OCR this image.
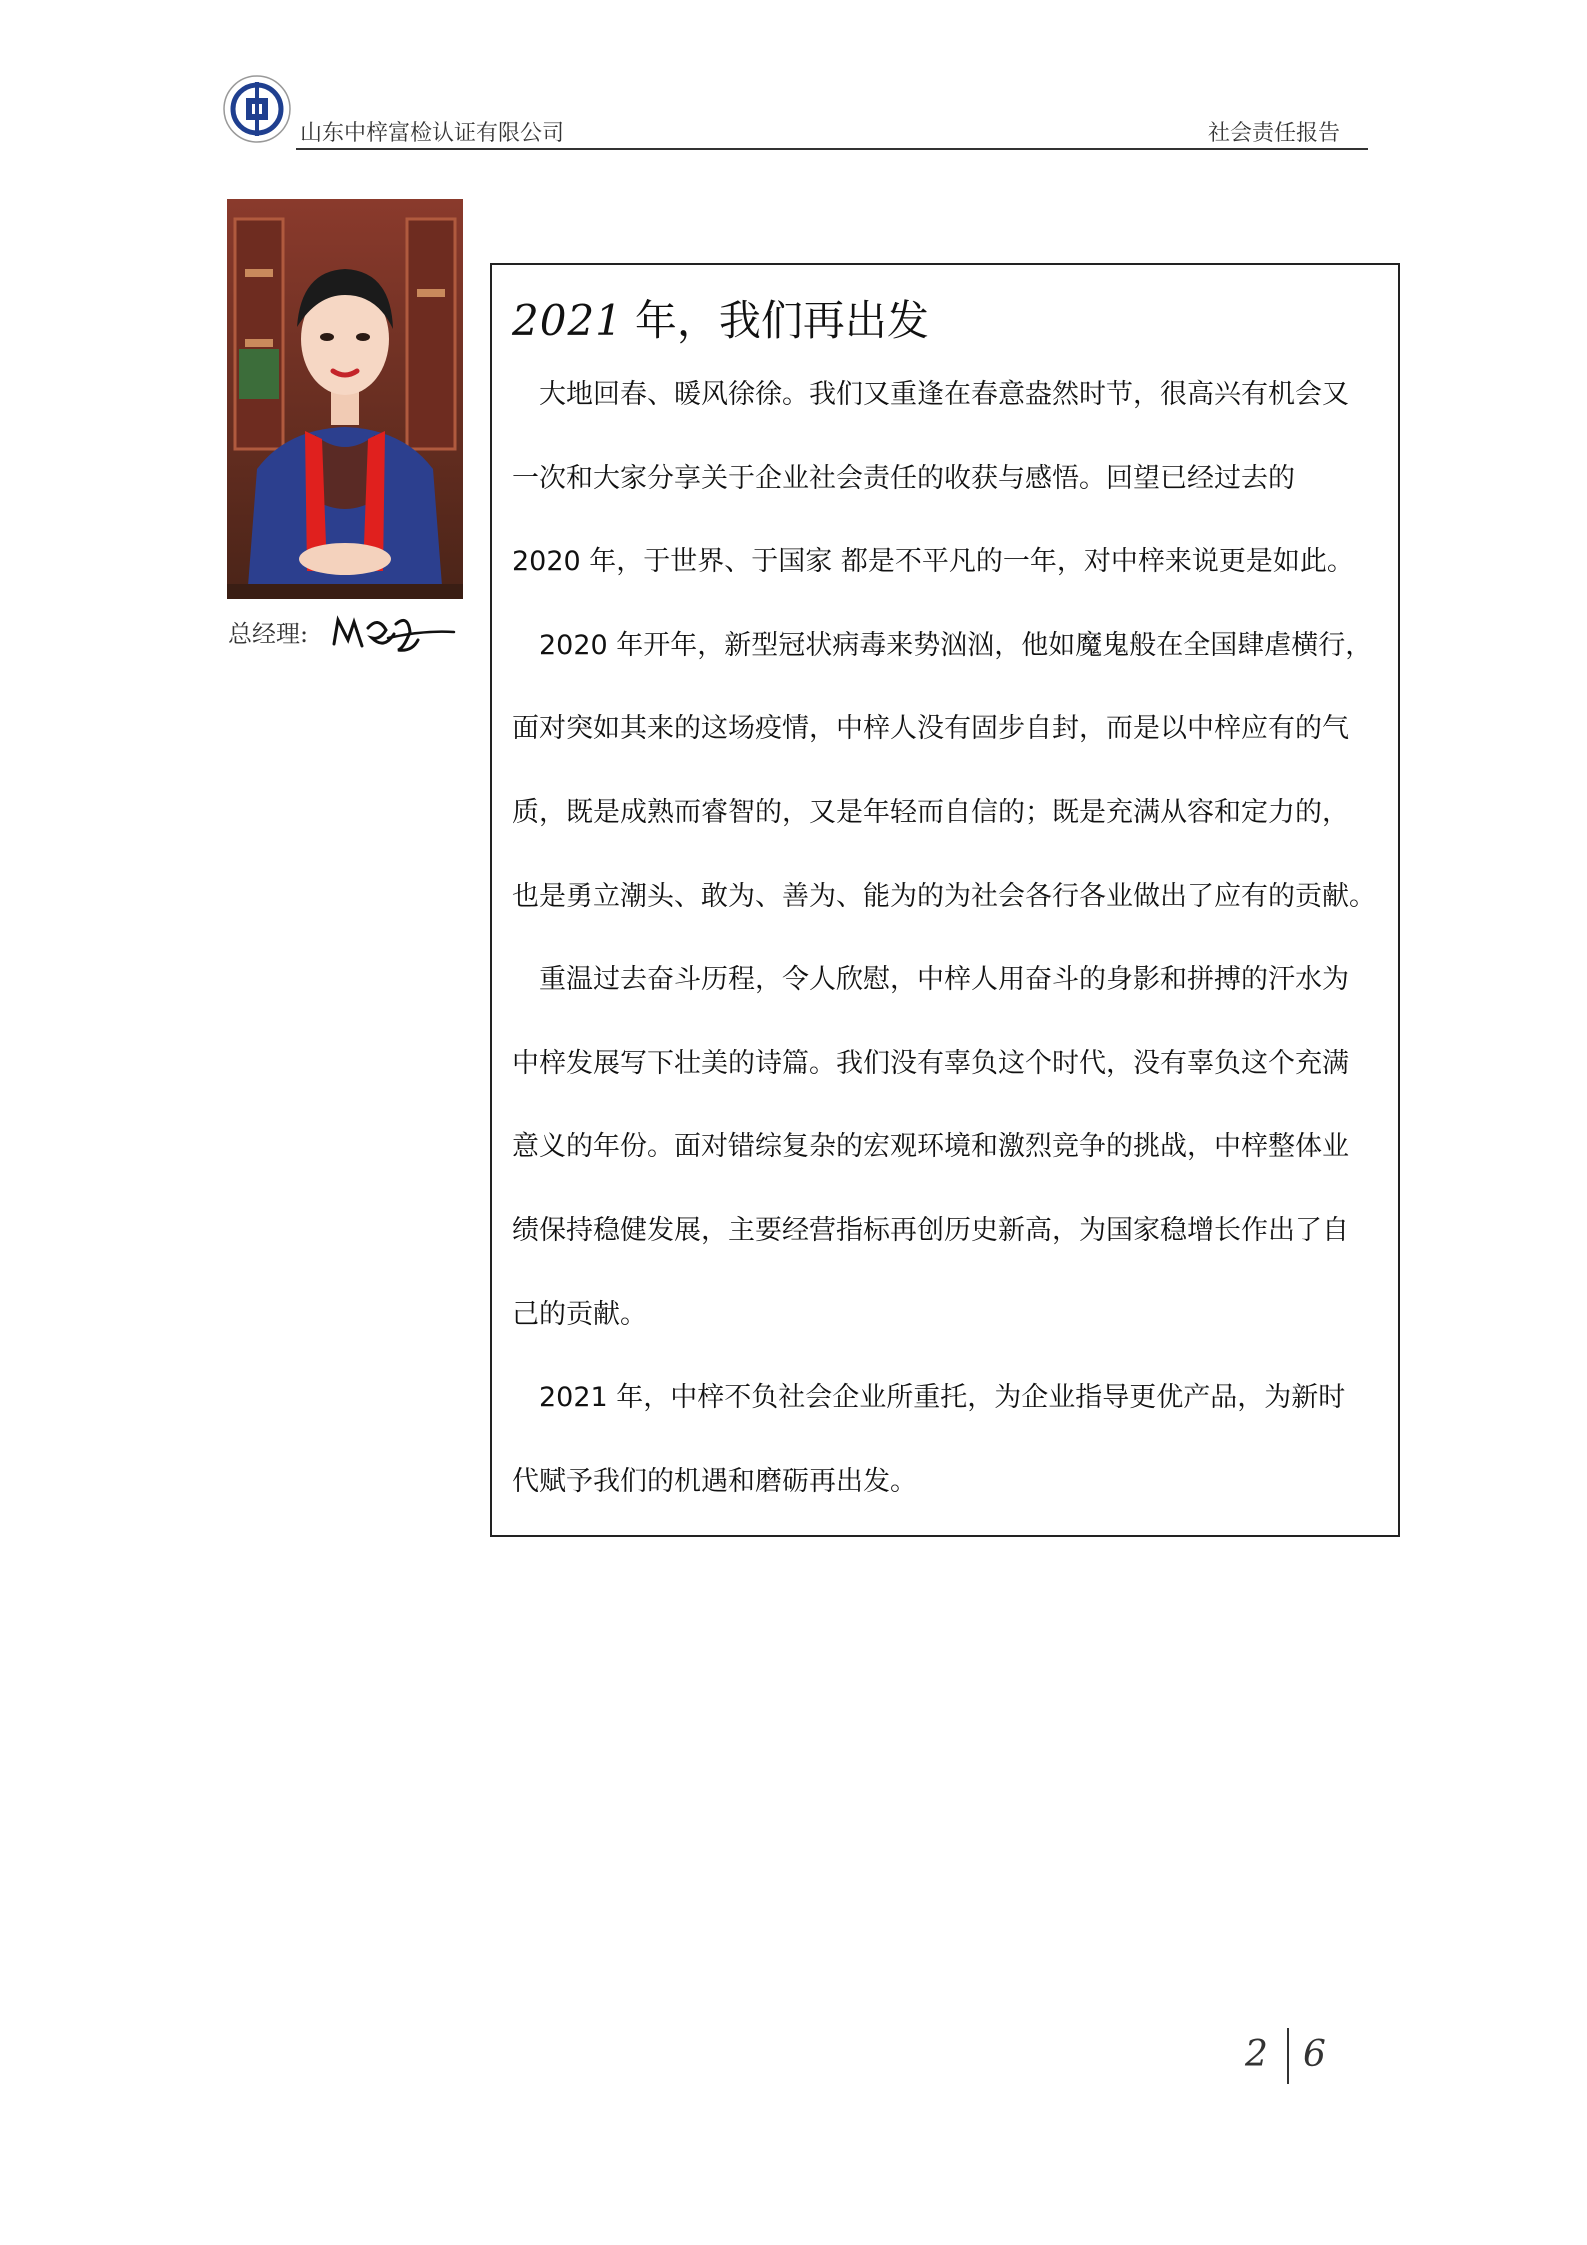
山东中梓富检认证有限公司	社会责任报告
总经理:
2021 年，我们再出发
大地回春、暖风徐徐。我们又重逢在春意盎然时节，很高兴有机会又
一次和大家分享关于企业社会责任的收获与感悟。回望已经过去的
2020 年，于世界、于国家 都是不平凡的一年，对中梓来说更是如此。
2020 年开年，新型冠状病毒来势汹汹，他如魔鬼般在全国肆虐横行，
面对突如其来的这场疫情，中梓人没有固步自封，而是以中梓应有的气
质，既是成熟而睿智的，又是年轻而自信的；既是充满从容和定力的，
也是勇立潮头、敢为、善为、能为的为社会各行各业做出了应有的贡献。
重温过去奋斗历程，令人欣慰，中梓人用奋斗的身影和拼搏的汗水为
中梓发展写下壮美的诗篇。我们没有辜负这个时代，没有辜负这个充满
意义的年份。面对错综复杂的宏观环境和激烈竞争的挑战，中梓整体业
绩保持稳健发展，主要经营指标再创历史新高，为国家稳增长作出了自
己的贡献。
2021 年，中梓不负社会企业所重托，为企业指导更优产品，为新时
代赋予我们的机遇和磨砺再出发。
2 6
